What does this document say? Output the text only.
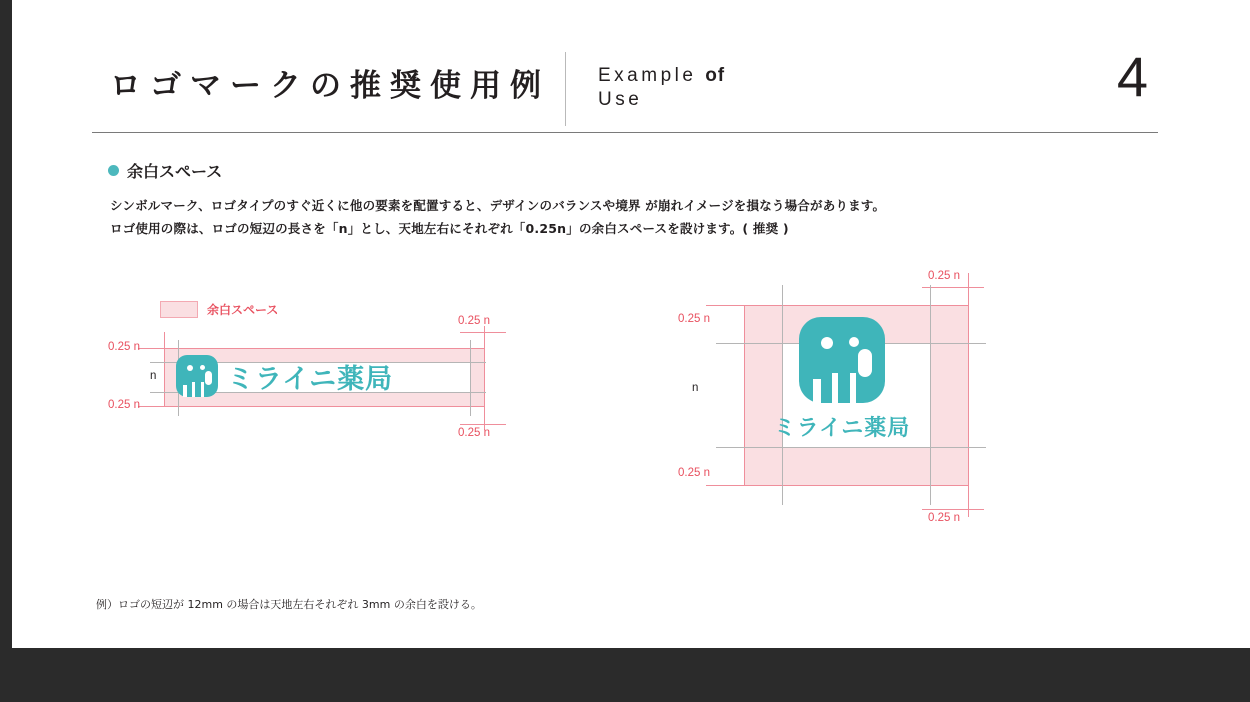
ロゴマークの推奨使用例	Example of
Use	4
余白スペース
シンボルマーク、ロゴタイプのすぐ近くに他の要素を配置すると、デザインのバランスや境界 が崩れイメージを損なう場合があります。
ロゴ使用の際は、ロゴの短辺の長さを「n」とし、天地左右にそれぞれ「0.25n」の余白スペースを設けます。( 推奨 )
余白スペース
ミライニ薬局
0.25 n
0.25 n
n
0.25 n
0.25 n	ミライニ薬局
0.25 n
0.25 n
n
0.25 n
0.25 n
例）ロゴの短辺が 12mm の場合は天地左右それぞれ 3mm の余白を設ける。
